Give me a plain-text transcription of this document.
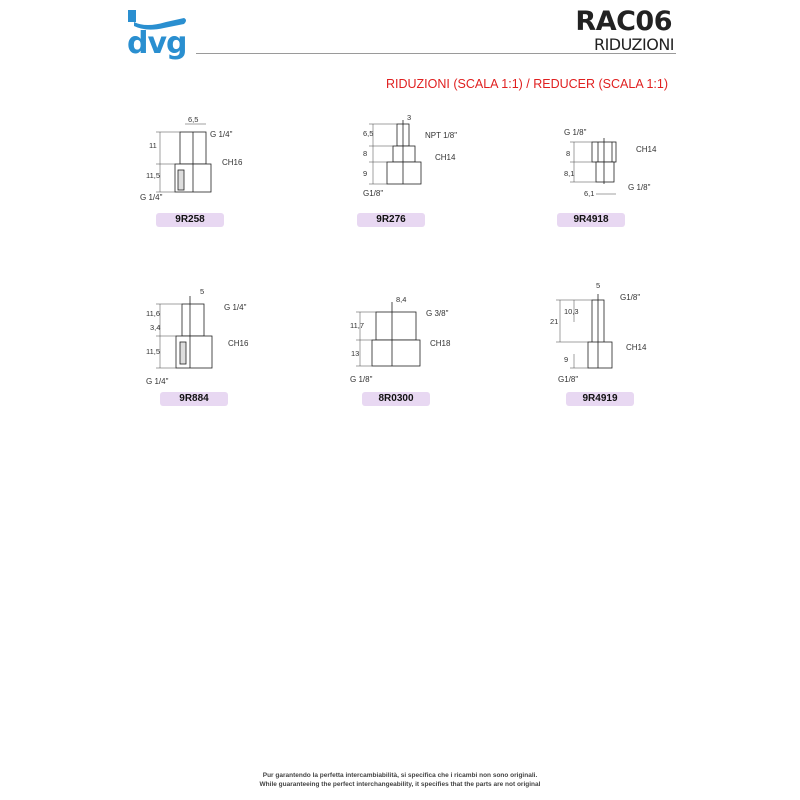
dvg
RAC06
RIDUZIONI
RIDUZIONI (SCALA 1:1) / REDUCER (SCALA 1:1)
6,5
11
11,5
G 1/4"
CH16
G 1/4"
9R258
3
6,5
8
9
NPT 1/8"
CH14
G1/8"
9R276
G 1/8"
CH14
8
8,1
G 1/8"
6,1
9R4918
5
11,6
3,4
11,5
G 1/4"
CH16
G 1/4"
9R884
8,4
11,7
13
G 3/8"
CH18
G 1/8"
8R0300
5
21
10,3
9
G1/8"
CH14
G1/8"
9R4919
Pur garantendo la perfetta intercambiabilità, si specifica che i ricambi non sono originali.
While guaranteeing the perfect interchangeability, it specifies that the parts are not original
